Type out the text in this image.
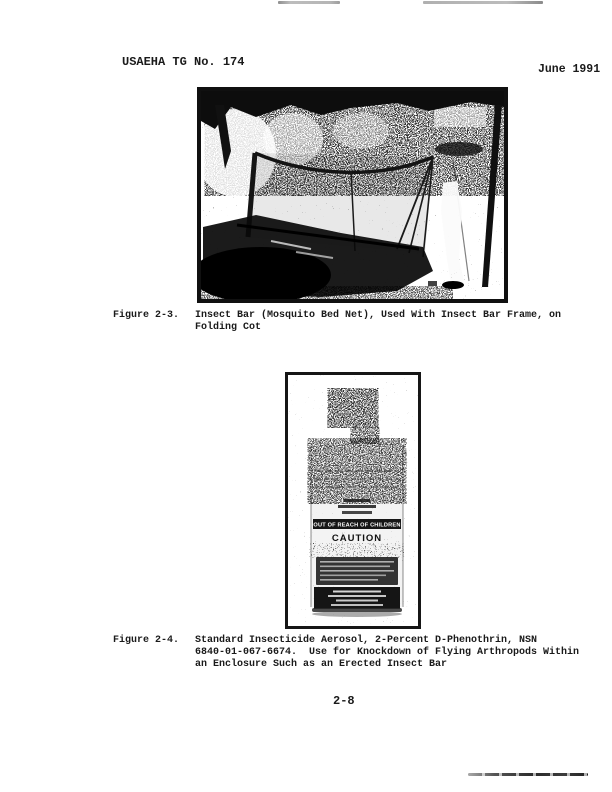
USAEHA TG No. 174
June 1991
Figure 2-3. Insect Bar (Mosquito Bed Net), Used With Insect Bar Frame, on
Folding Cot
OUT OF REACH OF CHILDREN
Figure 2-4. Standard Insecticide Aerosol, 2-Percent D-Phenothrin, NSN
6840-01-067-6674.  Use for Knockdown of Flying Arthropods Within
an Enclosure Such as an Erected Insect Bar
2-8
